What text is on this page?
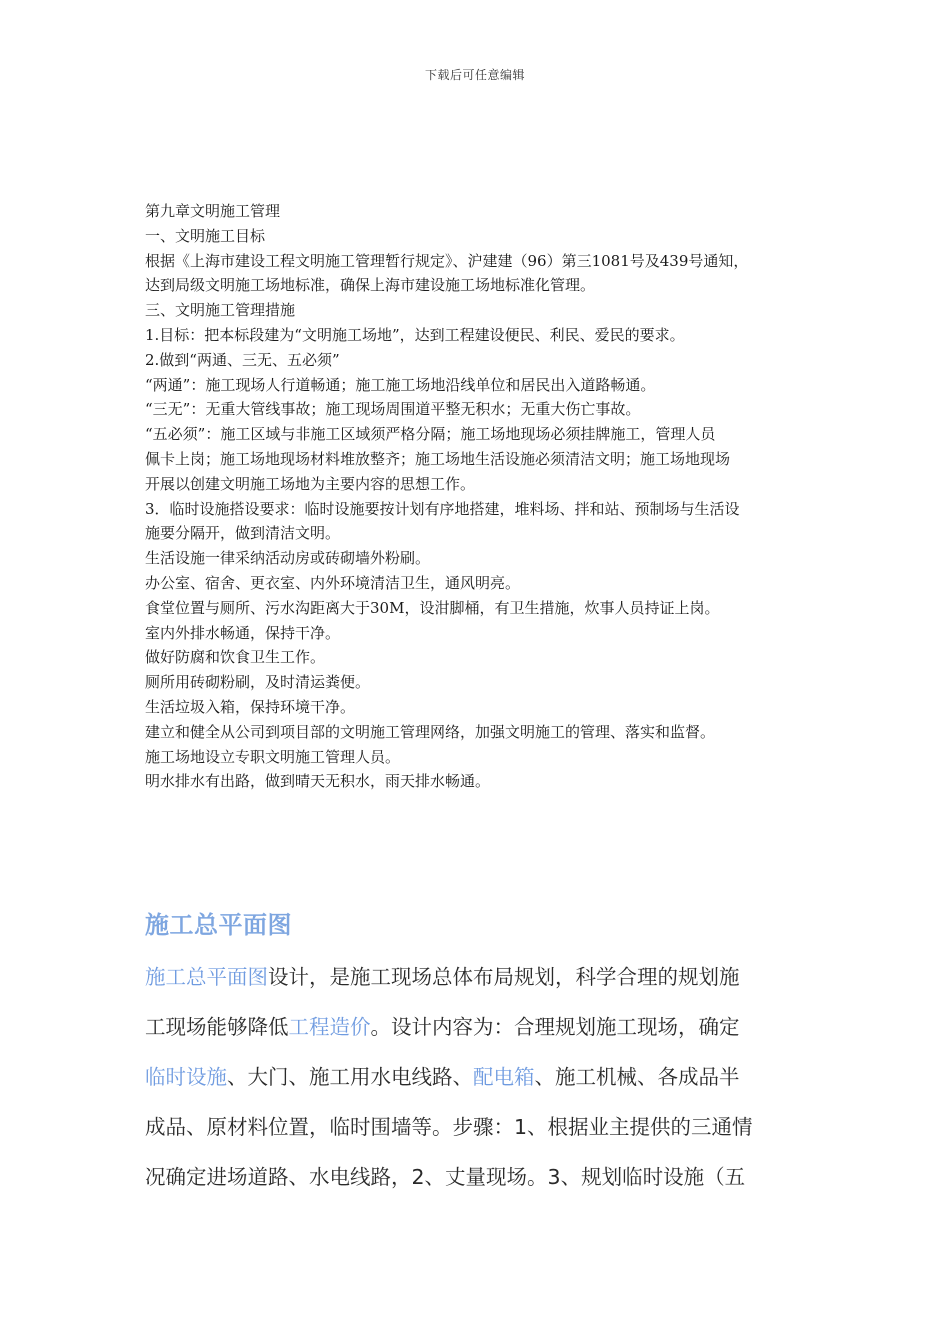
下载后可任意编辑
第九章文明施工管理
一、文明施工目标
根据《上海市建设工程文明施工管理暂行规定》、沪建建（96）第三1081号及439号通知，
达到局级文明施工场地标准，确保上海市建设施工场地标准化管理。
三、文明施工管理措施
1.目标：把本标段建为“文明施工场地”，达到工程建设便民、利民、爱民的要求。
2.做到“两通、三无、五必须”
“两通”：施工现场人行道畅通；施工施工场地沿线单位和居民出入道路畅通。
“三无”：无重大管线事故；施工现场周围道平整无积水；无重大伤亡事故。
“五必须”：施工区域与非施工区域须严格分隔；施工场地现场必须挂牌施工，管理人员
佩卡上岗；施工场地现场材料堆放整齐；施工场地生活设施必须清洁文明；施工场地现场
开展以创建文明施工场地为主要内容的思想工作。
3．临时设施搭设要求：临时设施要按计划有序地搭建，堆料场、拌和站、预制场与生活设
施要分隔开，做到清洁文明。
生活设施一律采纳活动房或砖砌墙外粉刷。
办公室、宿舍、更衣室、内外环境清洁卫生，通风明亮。
食堂位置与厕所、污水沟距离大于30M，设泔脚桶，有卫生措施，炊事人员持证上岗。
室内外排水畅通，保持干净。
做好防腐和饮食卫生工作。
厕所用砖砌粉刷，及时清运粪便。
生活垃圾入箱，保持环境干净。
建立和健全从公司到项目部的文明施工管理网络，加强文明施工的管理、落实和监督。
施工场地设立专职文明施工管理人员。
明水排水有出路，做到晴天无积水，雨天排水畅通。
施工总平面图
施工总平面图设计，是施工现场总体布局规划，科学合理的规划施
工现场能够降低工程造价。设计内容为：合理规划施工现场，确定
临时设施、大门、施工用水电线路、配电箱、施工机械、各成品半
成品、原材料位置，临时围墙等。步骤：1、根据业主提供的三通情
况确定进场道路、水电线路，2、丈量现场。3、规划临时设施（五
